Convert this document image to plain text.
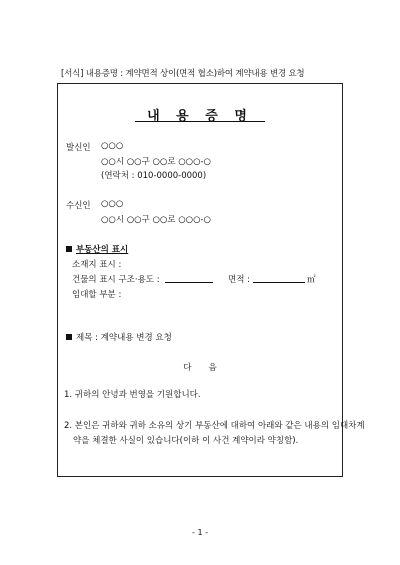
[서식] 내용증명 : 계약면적 상이(면적 협소)하여 계약내용 변경 요청
내 용 증 명
발신인 ○○○
○○시 ○○구 ○○로 ○○○-○
(연락처 : 010-0000-0000)
수신인 ○○○
○○시 ○○구 ○○로 ○○○-○
부동산의 표시
소재지 표시 :
건물의 표시 구조·용도 :	면적 :	㎡
임대할 부분 :
제목 : 계약내용 변경 요청
다　　음
1. 귀하의 안녕과 번영을 기원합니다.
2. 본인은 귀하와 귀하 소유의 상기 부동산에 대하여 아래와 같은 내용의 임대차계
약을 체결한 사실이 있습니다(이하 이 사건 계약이라 약칭함).
- 1 -
